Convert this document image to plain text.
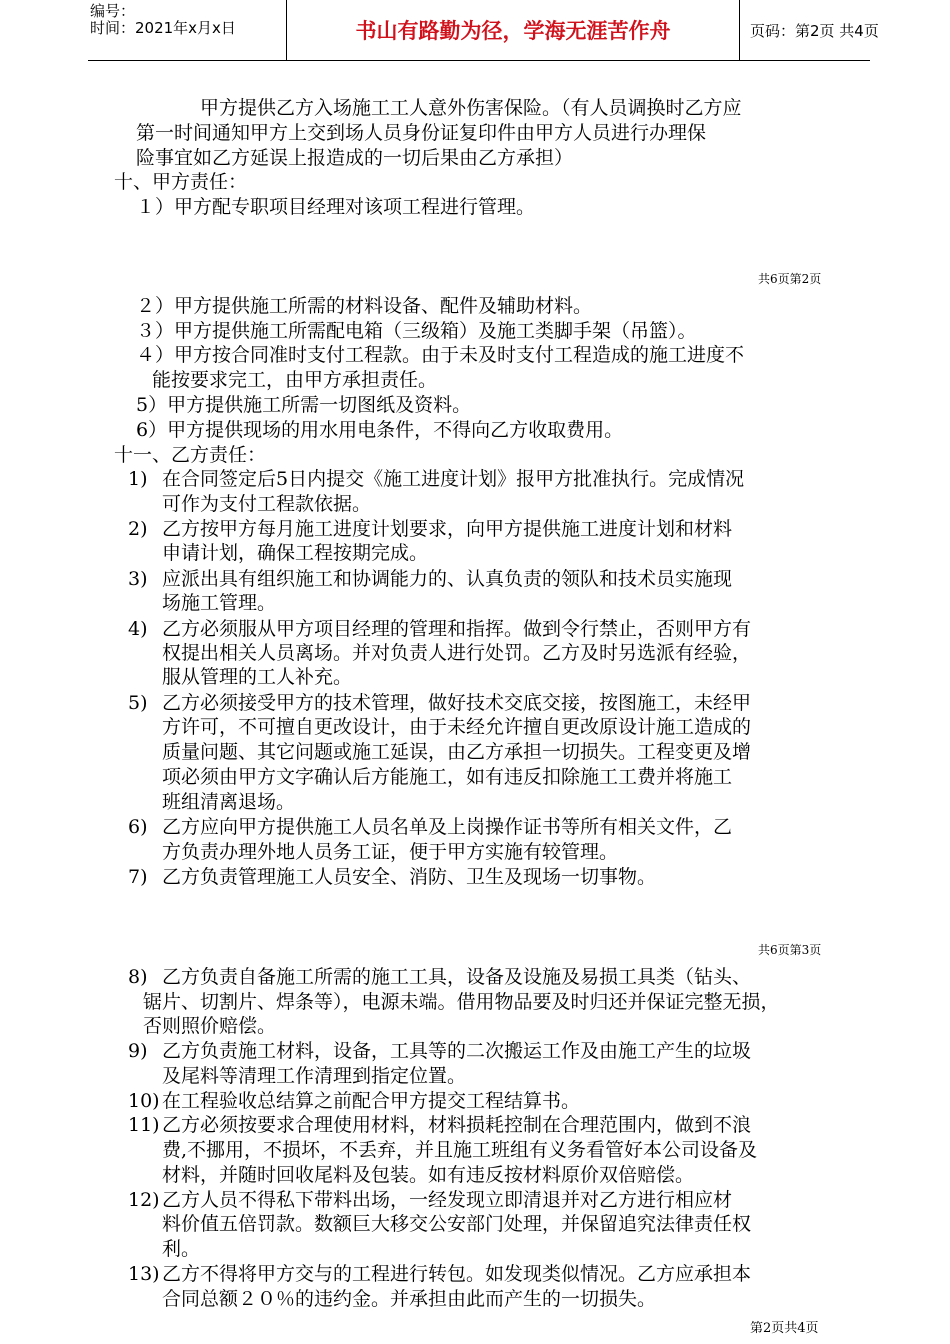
编号：
时间：2021年x月x日	书山有路勤为径，学海无涯苦作舟	页码：第2页 共4页
甲方提供乙方入场施工工人意外伤害保险。（有人员调换时乙方应
第一时间通知甲方上交到场人员身份证复印件由甲方人员进行办理保
险事宜如乙方延误上报造成的一切后果由乙方承担）
十、甲方责任：
１）甲方配专职项目经理对该项工程进行管理。
共6页第2页
２）甲方提供施工所需的材料设备、配件及辅助材料。
３）甲方提供施工所需配电箱（三级箱）及施工类脚手架（吊篮）。
４）甲方按合同准时支付工程款。由于未及时支付工程造成的施工进度不
能按要求完工，由甲方承担责任。
5）甲方提供施工所需一切图纸及资料。
6）甲方提供现场的用水用电条件，不得向乙方收取费用。
十一、乙方责任：
1) 在合同签定后5日内提交《施工进度计划》报甲方批准执行。完成情况
可作为支付工程款依据。
2) 乙方按甲方每月施工进度计划要求，向甲方提供施工进度计划和材料
申请计划，确保工程按期完成。
3) 应派出具有组织施工和协调能力的、认真负责的领队和技术员实施现
场施工管理。
4) 乙方必须服从甲方项目经理的管理和指挥。做到令行禁止，否则甲方有
权提出相关人员离场。并对负责人进行处罚。乙方及时另选派有经验，
服从管理的工人补充。
5) 乙方必须接受甲方的技术管理，做好技术交底交接，按图施工，未经甲
方许可，不可擅自更改设计，由于未经允许擅自更改原设计施工造成的
质量问题、其它问题或施工延误，由乙方承担一切损失。工程变更及增
项必须由甲方文字确认后方能施工，如有违反扣除施工工费并将施工
班组清离退场。
6) 乙方应向甲方提供施工人员名单及上岗操作证书等所有相关文件，乙
方负责办理外地人员务工证，便于甲方实施有较管理。
7) 乙方负责管理施工人员安全、消防、卫生及现场一切事物。
共6页第3页
8) 乙方负责自备施工所需的施工工具，设备及设施及易损工具类（钻头、
锯片、切割片、焊条等），电源未端。借用物品要及时归还并保证完整无损，
否则照价赔偿。
9) 乙方负责施工材料，设备，工具等的二次搬运工作及由施工产生的垃圾
及尾料等清理工作清理到指定位置。
10) 在工程验收总结算之前配合甲方提交工程结算书。
11) 乙方必须按要求合理使用材料，材料损耗控制在合理范围内，做到不浪
费,不挪用，不损坏，不丢弃，并且施工班组有义务看管好本公司设备及
材料，并随时回收尾料及包装。如有违反按材料原价双倍赔偿。
12) 乙方人员不得私下带料出场，一经发现立即清退并对乙方进行相应材
料价值五倍罚款。数额巨大移交公安部门处理，并保留追究法律责任权
利。
13) 乙方不得将甲方交与的工程进行转包。如发现类似情况。乙方应承担本
合同总额２０％的违约金。并承担由此而产生的一切损失。
第2页共4页
